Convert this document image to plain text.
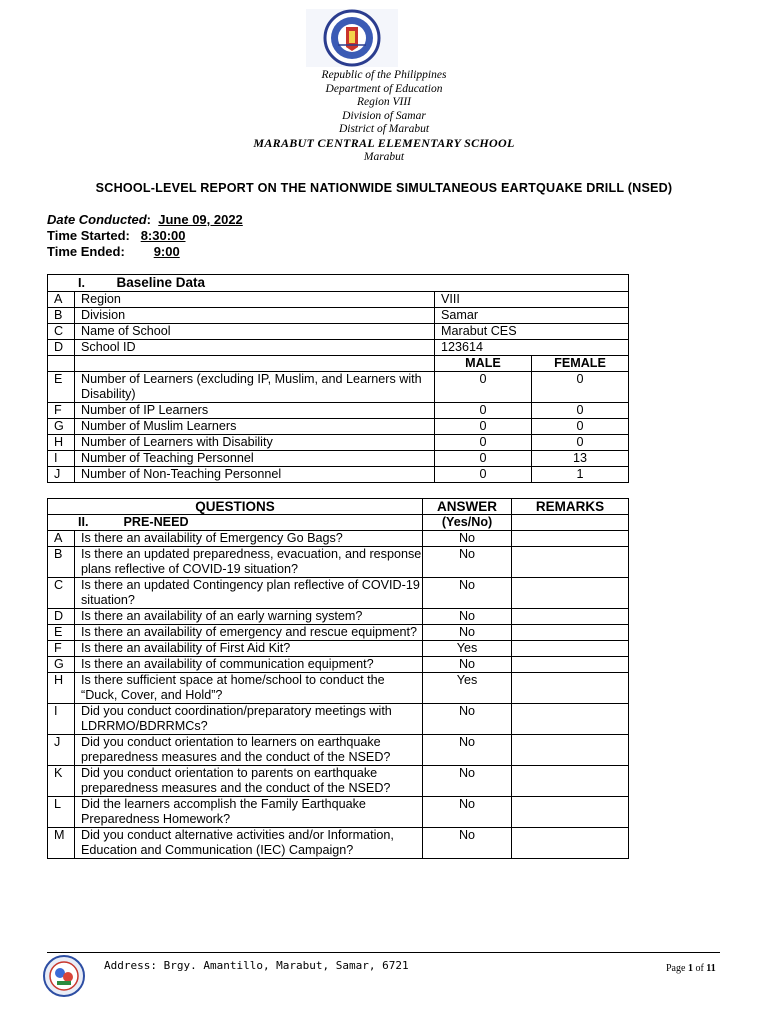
Republic of the Philippines
Department of Education
Region VIII
Division of Samar
District of Marabut
MARABUT CENTRAL ELEMENTARY SCHOOL
Marabut
SCHOOL-LEVEL REPORT ON THE NATIONWIDE SIMULTANEOUS EARTQUAKE DRILL (NSED)
Date Conducted:  June 09, 2022
Time Started: 8:30:00
Time Ended: 9:00
I. Baseline Data			
A	Region	VIII	
B	Division	Samar	
C	Name of School	Marabut CES	
D	School ID	123614	
		MALE	FEMALE
E	Number of Learners (excluding IP, Muslim, and Learners with Disability)	0	0
F	Number of IP Learners	0	0
G	Number of Muslim Learners	0	0
H	Number of Learners with Disability	0	0
I	Number of Teaching Personnel	0	13
J	Number of Non-Teaching Personnel	0	1
QUESTIONS		ANSWER	REMARKS
II. PRE-NEED		(Yes/No)	
A	Is there an availability of Emergency Go Bags?	No	
B	Is there an updated preparedness, evacuation, and response plans reflective of COVID-19 situation?	No	
C	Is there an updated Contingency plan reflective of COVID-19 situation?	No	
D	Is there an availability of an early warning system?	No	
E	Is there an availability of emergency and rescue equipment?	No	
F	Is there an availability of First Aid Kit?	Yes	
G	Is there an availability of communication equipment?	No	
H	Is there sufficient space at home/school to conduct the “Duck, Cover, and Hold”?	Yes	
I	Did you conduct coordination/preparatory meetings with LDRRMO/BDRRMCs?	No	
J	Did you conduct orientation to learners on earthquake preparedness measures and the conduct of the NSED?	No	
K	Did you conduct orientation to parents on earthquake preparedness measures and the conduct of the NSED?	No	
L	Did the learners accomplish the Family Earthquake Preparedness Homework?	No	
M	Did you conduct alternative activities and/or Information, Education and Communication (IEC) Campaign?	No	
Address: Brgy. Amantillo, Marabut, Samar, 6721	Page 1 of 11
